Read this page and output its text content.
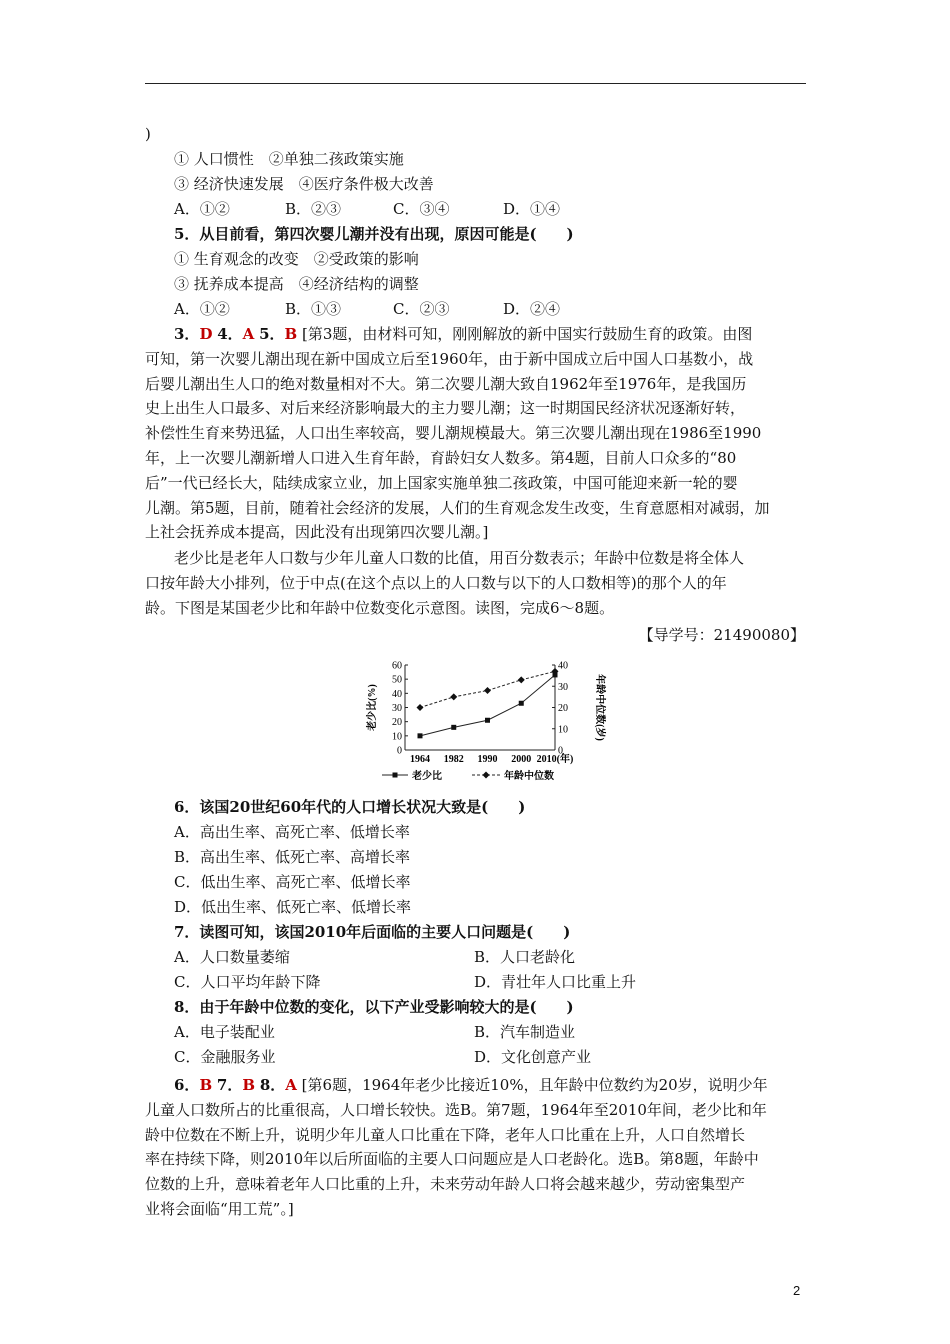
)
① 人口惯性　 ②单独二孩政策实施
③ 经济快速发展　 ④医疗条件极大改善
A．①②	B．②③	C．③④	D．①④
5．从目前看，第四次婴儿潮并没有出现，原因可能是(　　)
① 生育观念的改变　 ②受政策的影响
③ 抚养成本提高　 ④经济结构的调整
A．①②	B．①③	C．②③	D．②④
3．D 4．A 5．B [第3题，由材料可知，刚刚解放的新中国实行鼓励生育的政策。由图
可知，第一次婴儿潮出现在新中国成立后至1960年，由于新中国成立后中国人口基数小，战
后婴儿潮出生人口的绝对数量相对不大。第二次婴儿潮大致自1962年至1976年，是我国历
史上出生人口最多、对后来经济影响最大的主力婴儿潮；这一时期国民经济状况逐渐好转，
补偿性生育来势迅猛，人口出生率较高，婴儿潮规模最大。第三次婴儿潮出现在1986至1990
年，上一次婴儿潮新增人口进入生育年龄，育龄妇女人数多。第4题，目前人口众多的“80
后”一代已经长大，陆续成家立业，加上国家实施单独二孩政策，中国可能迎来新一轮的婴
儿潮。第5题，目前，随着社会经济的发展，人们的生育观念发生改变，生育意愿相对减弱，加
上社会抚养成本提高，因此没有出现第四次婴儿潮。]
老少比是老年人口数与少年儿童人口数的比值，用百分数表示；年龄中位数是将全体人
口按年龄大小排列，位于中点(在这个点以上的人口数与以下的人口数相等)的那个人的年
龄。下图是某国老少比和年龄中位数变化示意图。读图，完成6～8题。
【导学号：21490080】
0
10
20
30
40
50
60
0
10
20
30
40
1964 1982 1990 2000 2010(年)
老少比(%)	年龄中位数(岁)
老少比	年龄中位数
6．该国20世纪60年代的人口增长状况大致是(　　)
A．高出生率、高死亡率、低增长率
B．高出生率、低死亡率、高增长率
C．低出生率、高死亡率、低增长率
D．低出生率、低死亡率、低增长率
7．读图可知，该国2010年后面临的主要人口问题是(　　)
A．人口数量萎缩	B．人口老龄化
C．人口平均年龄下降	D．青壮年人口比重上升
8．由于年龄中位数的变化，以下产业受影响较大的是(　　)
A．电子装配业	B．汽车制造业
C．金融服务业	D．文化创意产业
6．B 7．B 8．A [第6题，1964年老少比接近10%，且年龄中位数约为20岁，说明少年
儿童人口数所占的比重很高，人口增长较快。选B。第7题，1964年至2010年间，老少比和年
龄中位数在不断上升，说明少年儿童人口比重在下降，老年人口比重在上升，人口自然增长
率在持续下降，则2010年以后所面临的主要人口问题应是人口老龄化。选B。第8题，年龄中
位数的上升，意味着老年人口比重的上升，未来劳动年龄人口将会越来越少，劳动密集型产
业将会面临“用工荒”。]
2
